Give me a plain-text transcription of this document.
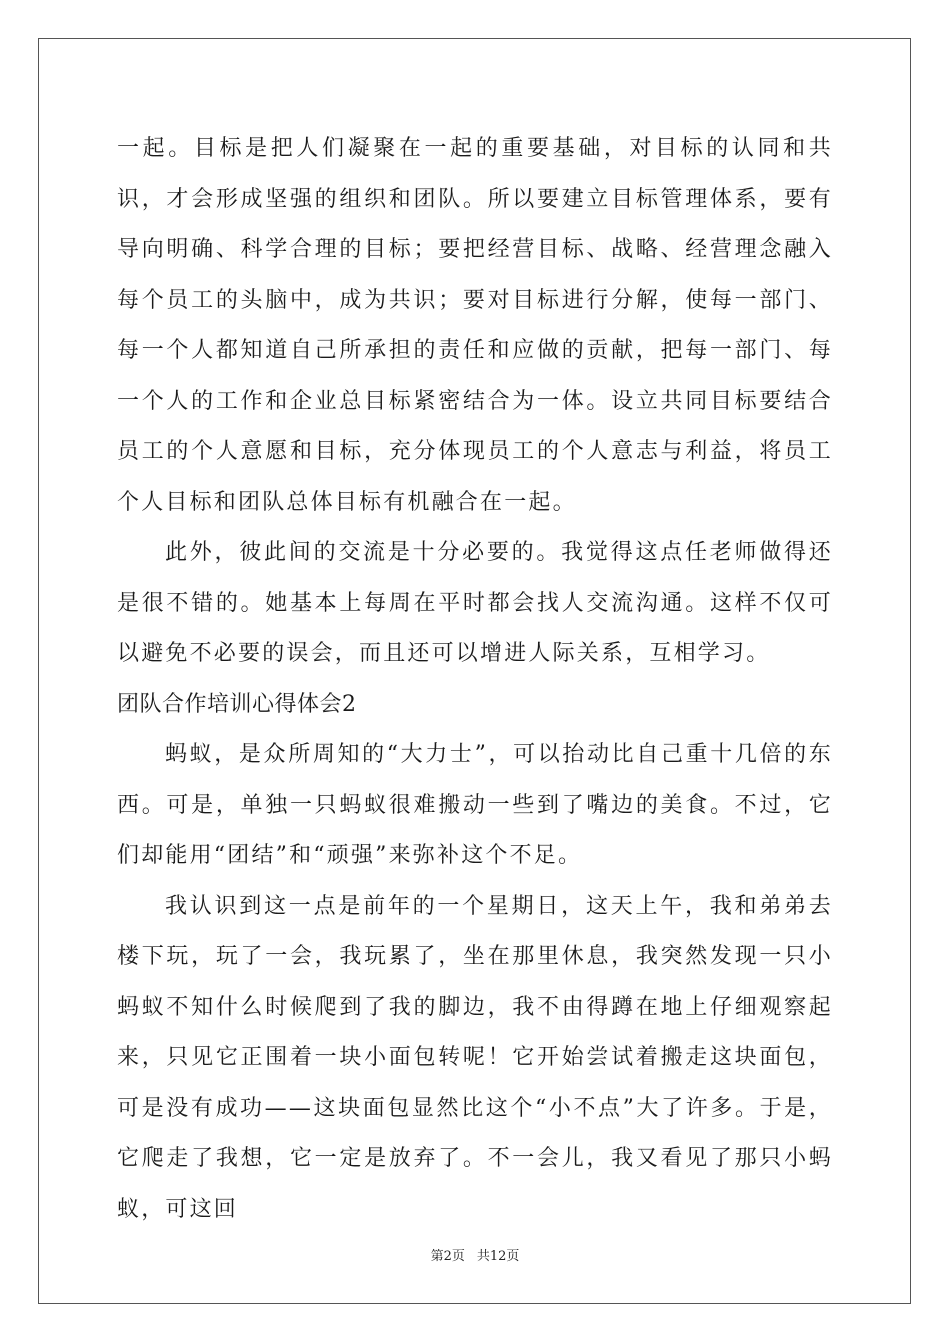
一起。目标是把人们凝聚在一起的重要基础，对目标的认同和共识，才会形成坚强的组织和团队。所以要建立目标管理体系，要有导向明确、科学合理的目标；要把经营目标、战略、经营理念融入每个员工的头脑中，成为共识；要对目标进行分解，使每一部门、每一个人都知道自己所承担的责任和应做的贡献，把每一部门、每一个人的工作和企业总目标紧密结合为一体。设立共同目标要结合员工的个人意愿和目标，充分体现员工的个人意志与利益，将员工个人目标和团队总体目标有机融合在一起。

此外，彼此间的交流是十分必要的。我觉得这点任老师做得还是很不错的。她基本上每周在平时都会找人交流沟通。这样不仅可以避免不必要的误会，而且还可以增进人际关系，互相学习。

团队合作培训心得体会2

蚂蚁，是众所周知的“大力士”，可以抬动比自己重十几倍的东西。可是，单独一只蚂蚁很难搬动一些到了嘴边的美食。不过，它们却能用“团结”和“顽强”来弥补这个不足。

我认识到这一点是前年的一个星期日，这天上午，我和弟弟去楼下玩，玩了一会，我玩累了，坐在那里休息，我突然发现一只小蚂蚁不知什么时候爬到了我的脚边，我不由得蹲在地上仔细观察起来，只见它正围着一块小面包转呢！它开始尝试着搬走这块面包，可是没有成功——这块面包显然比这个“小不点”大了许多。于是，它爬走了我想，它一定是放弃了。不一会儿，我又看见了那只小蚂蚁，可这回

第2页 共12页
